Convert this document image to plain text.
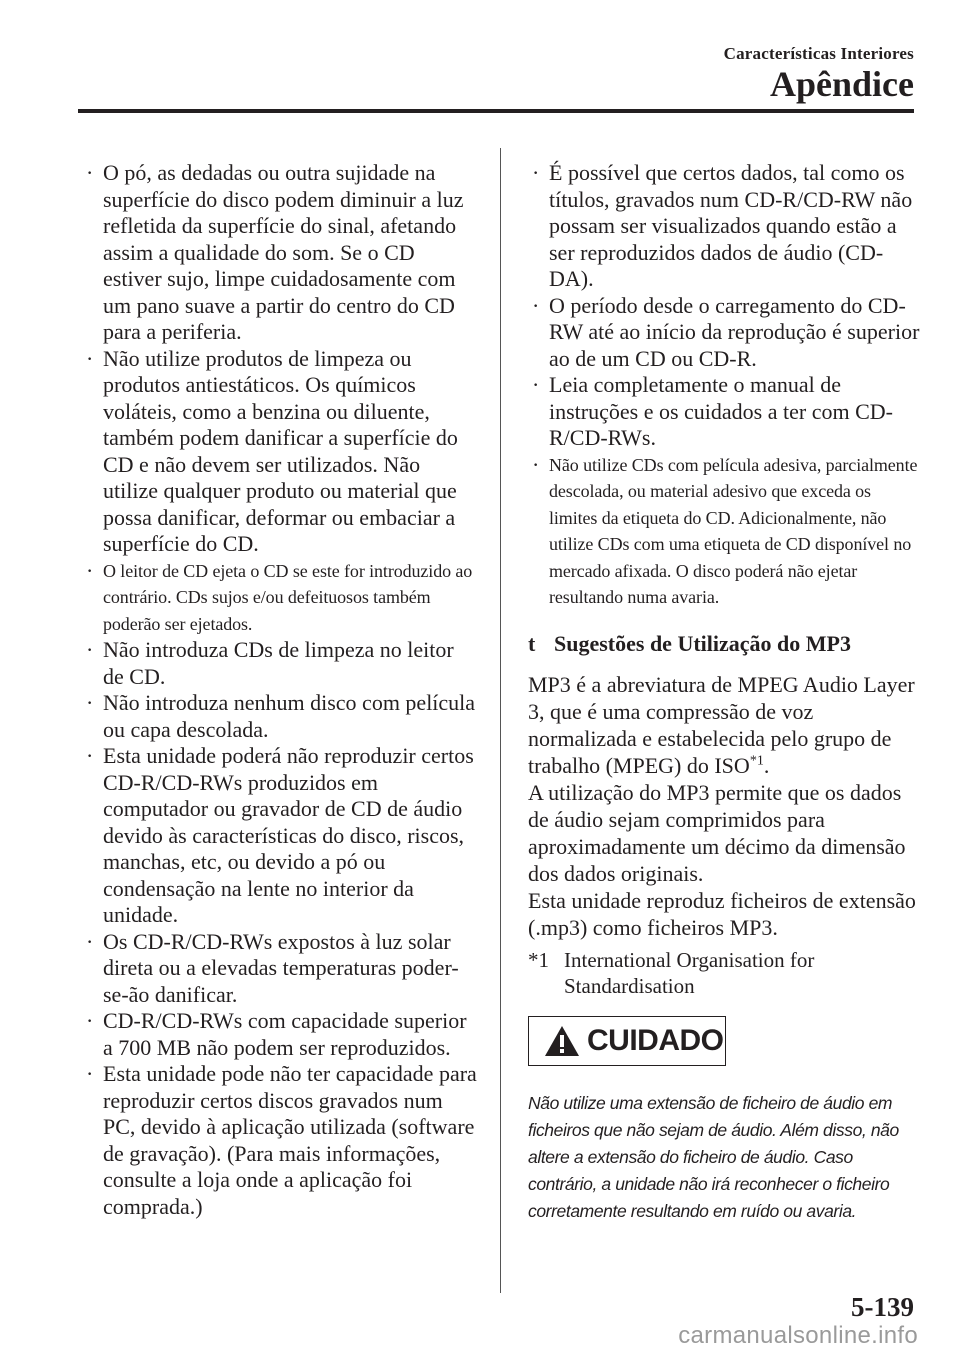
Características Interiores
Apêndice
· O pó, as dedadas ou outra sujidade na superfície do disco podem diminuir a luz refletida da superfície do sinal, afetando assim a qualidade do som. Se o CD estiver sujo, limpe cuidadosamente com um pano suave a partir do centro do CD para a periferia.
· Não utilize produtos de limpeza ou produtos antiestáticos. Os químicos voláteis, como a benzina ou diluente, também podem danificar a superfície do CD e não devem ser utilizados. Não utilize qualquer produto ou material que possa danificar, deformar ou embaciar a superfície do CD.
· O leitor de CD ejeta o CD se este for introduzido ao contrário. CDs sujos e/ou defeituosos também poderão ser ejetados.
· Não introduza CDs de limpeza no leitor de CD.
· Não introduza nenhum disco com película ou capa descolada.
· Esta unidade poderá não reproduzir certos CD-R/CD-RWs produzidos em computador ou gravador de CD de áudio devido às características do disco, riscos, manchas, etc, ou devido a pó ou condensação na lente no interior da unidade.
· Os CD-R/CD-RWs expostos à luz solar direta ou a elevadas temperaturas poder-se-ão danificar.
· CD-R/CD-RWs com capacidade superior a 700 MB não podem ser reproduzidos.
· Esta unidade pode não ter capacidade para reproduzir certos discos gravados num PC, devido à aplicação utilizada (software de gravação). (Para mais informações, consulte a loja onde a aplicação foi comprada.)
· É possível que certos dados, tal como os títulos, gravados num CD-R/CD-RW não possam ser visualizados quando estão a ser reproduzidos dados de áudio (CD-DA).
· O período desde o carregamento do CD-RW até ao início da reprodução é superior ao de um CD ou CD-R.
· Leia completamente o manual de instruções e os cuidados a ter com CD-R/CD-RWs.
· Não utilize CDs com película adesiva, parcialmente descolada, ou material adesivo que exceda os limites da etiqueta do CD. Adicionalmente, não utilize CDs com uma etiqueta de CD disponível no mercado afixada. O disco poderá não ejetar resultando numa avaria.
t Sugestões de Utilização do MP3

MP3 é a abreviatura de MPEG Audio Layer 3, que é uma compressão de voz normalizada e estabelecida pelo grupo de trabalho (MPEG) do ISO$^{*1}$.

A utilização do MP3 permite que os dados de áudio sejam comprimidos para aproximadamente um décimo da dimensão dos dados originais.

Esta unidade reproduz ficheiros de extensão (.mp3) como ficheiros MP3.

*1 International Organisation for Standardisation
CUIDADO
Não utilize uma extensão de ficheiro de áudio em ficheiros que não sejam de áudio. Além disso, não altere a extensão do ficheiro de áudio. Caso contrário, a unidade não irá reconhecer o ficheiro corretamente resultando em ruído ou avaria.
5-139
carmanualsonline.info
